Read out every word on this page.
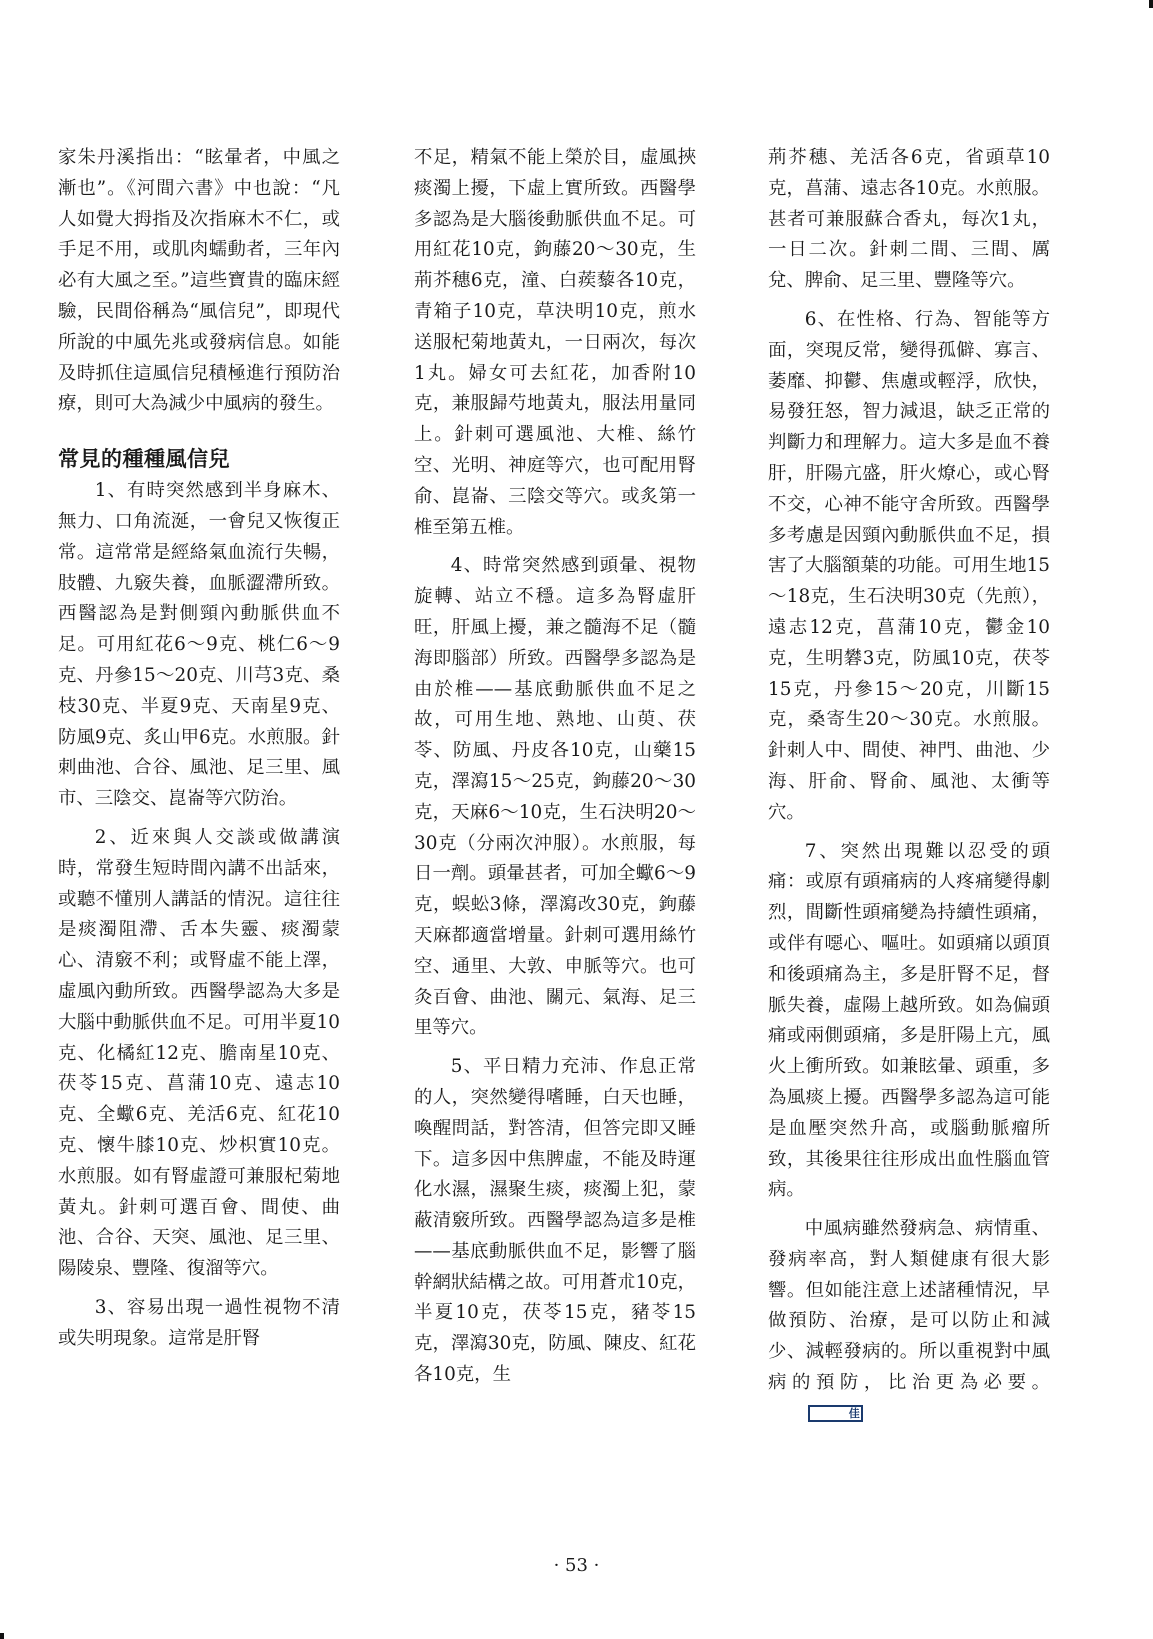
家朱丹溪指出：“眩暈者，中風之漸也”。《河間六書》中也說：“凡人如覺大拇指及次指麻木不仁，或手足不用，或肌肉蠕動者，三年內必有大風之至。”這些寶貴的臨床經驗，民間俗稱為“風信兒”，即現代所說的中風先兆或發病信息。如能及時抓住這風信兒積極進行預防治療，則可大為減少中風病的發生。

常見的種種風信兒

1、有時突然感到半身麻木、無力、口角流涎，一會兒又恢復正常。這常常是經絡氣血流行失暢，肢體、九竅失養，血脈澀滯所致。西醫認為是對側頸內動脈供血不足。可用紅花6～9克、桃仁6～9克、丹參15～20克、川芎3克、桑枝30克、半夏9克、天南星9克、防風9克、炙山甲6克。水煎服。針刺曲池、合谷、風池、足三里、風市、三陰交、崑崙等穴防治。

2、近來與人交談或做講演時，常發生短時間內講不出話來，或聽不懂別人講話的情況。這往往是痰濁阻滯、舌本失靈、痰濁蒙心、清竅不利；或腎虛不能上澤，虛風內動所致。西醫學認為大多是大腦中動脈供血不足。可用半夏10克、化橘紅12克、膽南星10克、茯苓15克、菖蒲10克、遠志10克、全蠍6克、羌活6克、紅花10克、懷牛膝10克、炒枳實10克。水煎服。如有腎虛證可兼服杞菊地黃丸。針刺可選百會、間使、曲池、合谷、天突、風池、足三里、陽陵泉、豐隆、復溜等穴。

3、容易出現一過性視物不清或失明現象。這常是肝腎

不足，精氣不能上榮於目，虛風挾痰濁上擾，下虛上實所致。西醫學多認為是大腦後動脈供血不足。可用紅花10克，鉤藤20～30克，生荊芥穗6克，潼、白蒺藜各10克，青箱子10克，草決明10克，煎水送服杞菊地黃丸，一日兩次，每次1丸。婦女可去紅花，加香附10克，兼服歸芍地黃丸，服法用量同上。針刺可選風池、大椎、絲竹空、光明、神庭等穴，也可配用腎俞、崑崙、三陰交等穴。或炙第一椎至第五椎。

4、時常突然感到頭暈、視物旋轉、站立不穩。這多為腎虛肝旺，肝風上擾，兼之髓海不足（髓海即腦部）所致。西醫學多認為是由於椎——基底動脈供血不足之故，可用生地、熟地、山萸、茯苓、防風、丹皮各10克，山藥15克，澤瀉15～25克，鉤藤20～30克，天麻6～10克，生石決明20～30克（分兩次沖服）。水煎服，每日一劑。頭暈甚者，可加全蠍6～9克，蜈蚣3條，澤瀉改30克，鉤藤天麻都適當增量。針刺可選用絲竹空、通里、大敦、申脈等穴。也可灸百會、曲池、關元、氣海、足三里等穴。

5、平日精力充沛、作息正常的人，突然變得嗜睡，白天也睡，喚醒問話，對答清，但答完即又睡下。這多因中焦脾虛，不能及時運化水濕，濕聚生痰，痰濁上犯，蒙蔽清竅所致。西醫學認為這多是椎——基底動脈供血不足，影響了腦幹網狀結構之故。可用蒼朮10克，半夏10克，茯苓15克，豬苓15克，澤瀉30克，防風、陳皮、紅花各10克，生

荊芥穗、羌活各6克，省頭草10克，菖蒲、遠志各10克。水煎服。甚者可兼服蘇合香丸，每次1丸，一日二次。針刺二間、三間、厲兌、脾俞、足三里、豐隆等穴。

6、在性格、行為、智能等方面，突現反常，變得孤僻、寡言、萎靡、抑鬱、焦慮或輕浮，欣快，易發狂怒，智力減退，缺乏正常的判斷力和理解力。這大多是血不養肝，肝陽亢盛，肝火燎心，或心腎不交，心神不能守舍所致。西醫學多考慮是因頸內動脈供血不足，損害了大腦額葉的功能。可用生地15～18克，生石決明30克（先煎），遠志12克，菖蒲10克，鬱金10克，生明礬3克，防風10克，茯苓15克，丹參15～20克，川斷15克，桑寄生20～30克。水煎服。針刺人中、間使、神門、曲池、少海、肝俞、腎俞、風池、太衝等穴。

7、突然出現難以忍受的頭痛：或原有頭痛病的人疼痛變得劇烈，間斷性頭痛變為持續性頭痛，或伴有噁心、嘔吐。如頭痛以頭頂和後頭痛為主，多是肝腎不足，督脈失養，虛陽上越所致。如為偏頭痛或兩側頭痛，多是肝陽上亢，風火上衝所致。如兼眩暈、頭重，多為風痰上擾。西醫學多認為這可能是血壓突然升高，或腦動脈瘤所致，其後果往往形成出血性腦血管病。

中風病雖然發病急、病情重、發病率高，對人類健康有很大影響。但如能注意上述諸種情況，早做預防、治療，是可以防止和減少、減輕發病的。所以重視對中風病的預防，比治更為必要。佳

· 53 ·
